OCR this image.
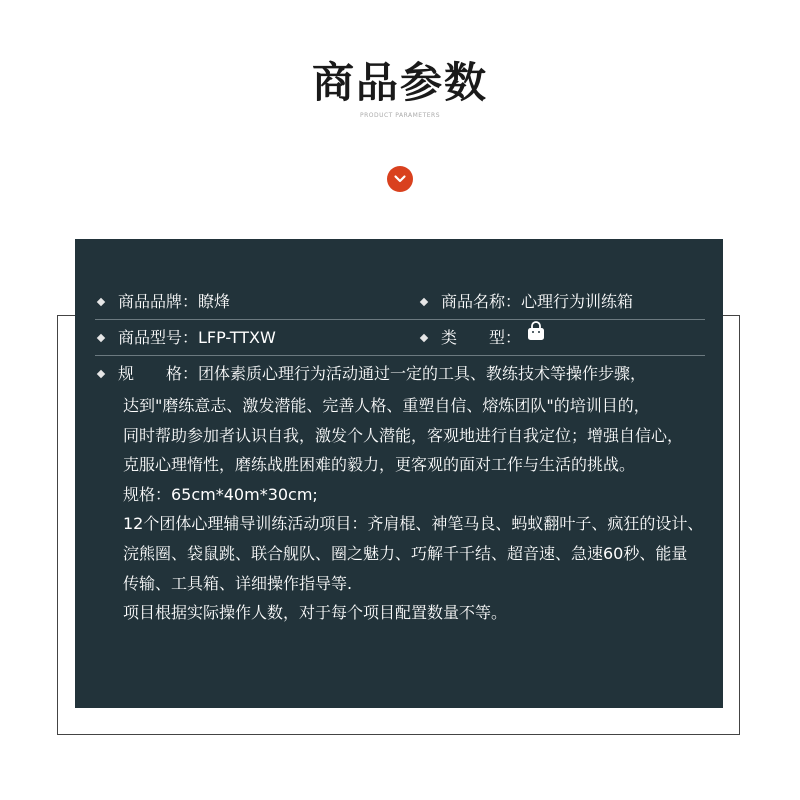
商品参数
PRODUCT PARAMETERS
商品品牌：瞭烽	商品名称：心理行为训练箱
商品型号：LFP-TTXW	类　　型：
规　　格：团体素质心理行为活动通过一定的工具、教练技术等操作步骤，

达到"磨练意志、激发潜能、完善人格、重塑自信、熔炼团队"的培训目的，

同时帮助参加者认识自我，激发个人潜能，客观地进行自我定位；增强自信心，

克服心理惰性，磨练战胜困难的毅力，更客观的面对工作与生活的挑战。

规格：65cm*40m*30cm;

12个团体心理辅导训练活动项目：齐肩棍、神笔马良、蚂蚁翻叶子、疯狂的设计、

浣熊圈、袋鼠跳、联合舰队、圈之魅力、巧解千千结、超音速、急速60秒、能量

传输、工具箱、详细操作指导等.

项目根据实际操作人数，对于每个项目配置数量不等。
